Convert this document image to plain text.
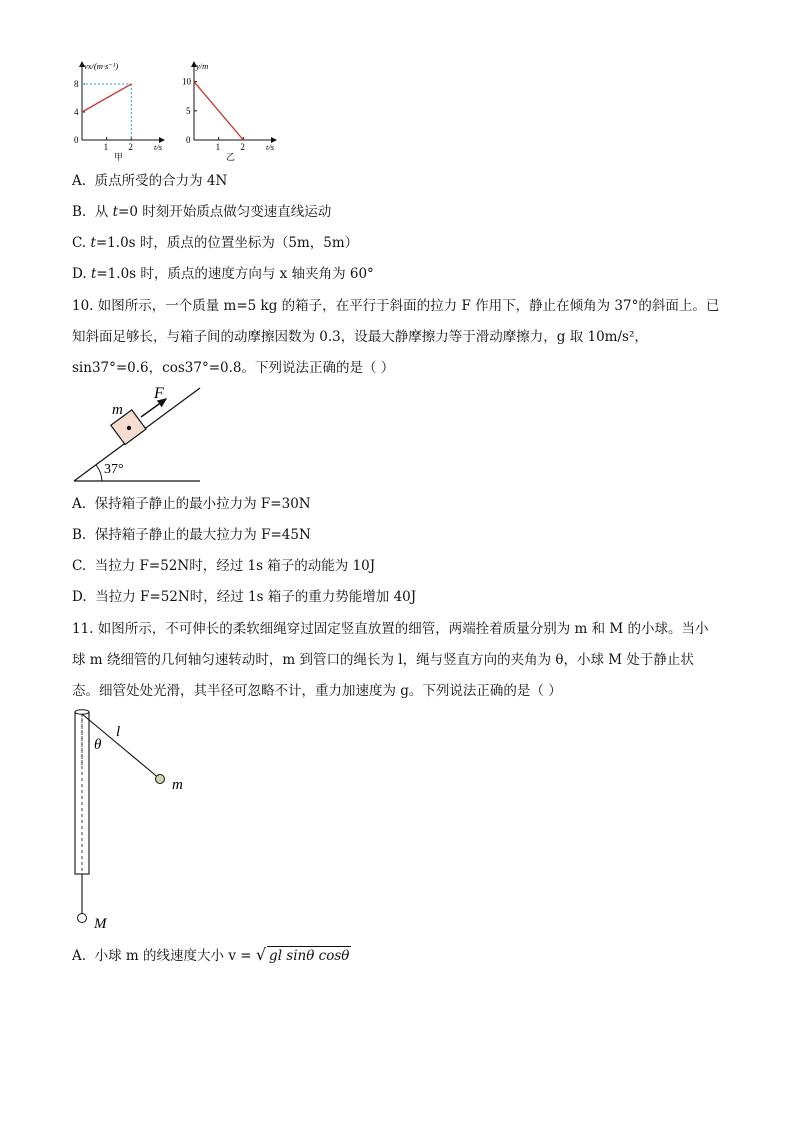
1 2
4
8
0
vx/(m·s⁻¹)
t/s
甲
1 2
5
10
0
y/m
t/s
乙
A. 质点所受的合力为 4N
B. 从 t=0 时刻开始质点做匀变速直线运动
C. t=1.0s 时，质点的位置坐标为（5m，5m）
D. t=1.0s 时，质点的速度方向与 x 轴夹角为 60°
10. 如图所示，一个质量 m=5 kg 的箱子，在平行于斜面的拉力 F 作用下，静止在倾角为 37°的斜面上。已
知斜面足够长，与箱子间的动摩擦因数为 0.3，设最大静摩擦力等于滑动摩擦力，g 取 10m/s²，
sin37°=0.6，cos37°=0.8。下列说法正确的是（ ）
m
F
37°
A. 保持箱子静止的最小拉力为 F=30N
B. 保持箱子静止的最大拉力为 F=45N
C. 当拉力 F=52N时，经过 1s 箱子的动能为 10J
D. 当拉力 F=52N时，经过 1s 箱子的重力势能增加 40J
11. 如图所示，不可伸长的柔软细绳穿过固定竖直放置的细管，两端拴着质量分别为 m 和 M 的小球。当小
球 m 绕细管的几何轴匀速转动时，m 到管口的绳长为 l，绳与竖直方向的夹角为 θ，小球 M 处于静止状
态。细管处处光滑，其半径可忽略不计，重力加速度为 g。下列说法正确的是（ ）
l
θ
m
M
A. 小球 m 的线速度大小 v = √ gl sinθ cosθ
